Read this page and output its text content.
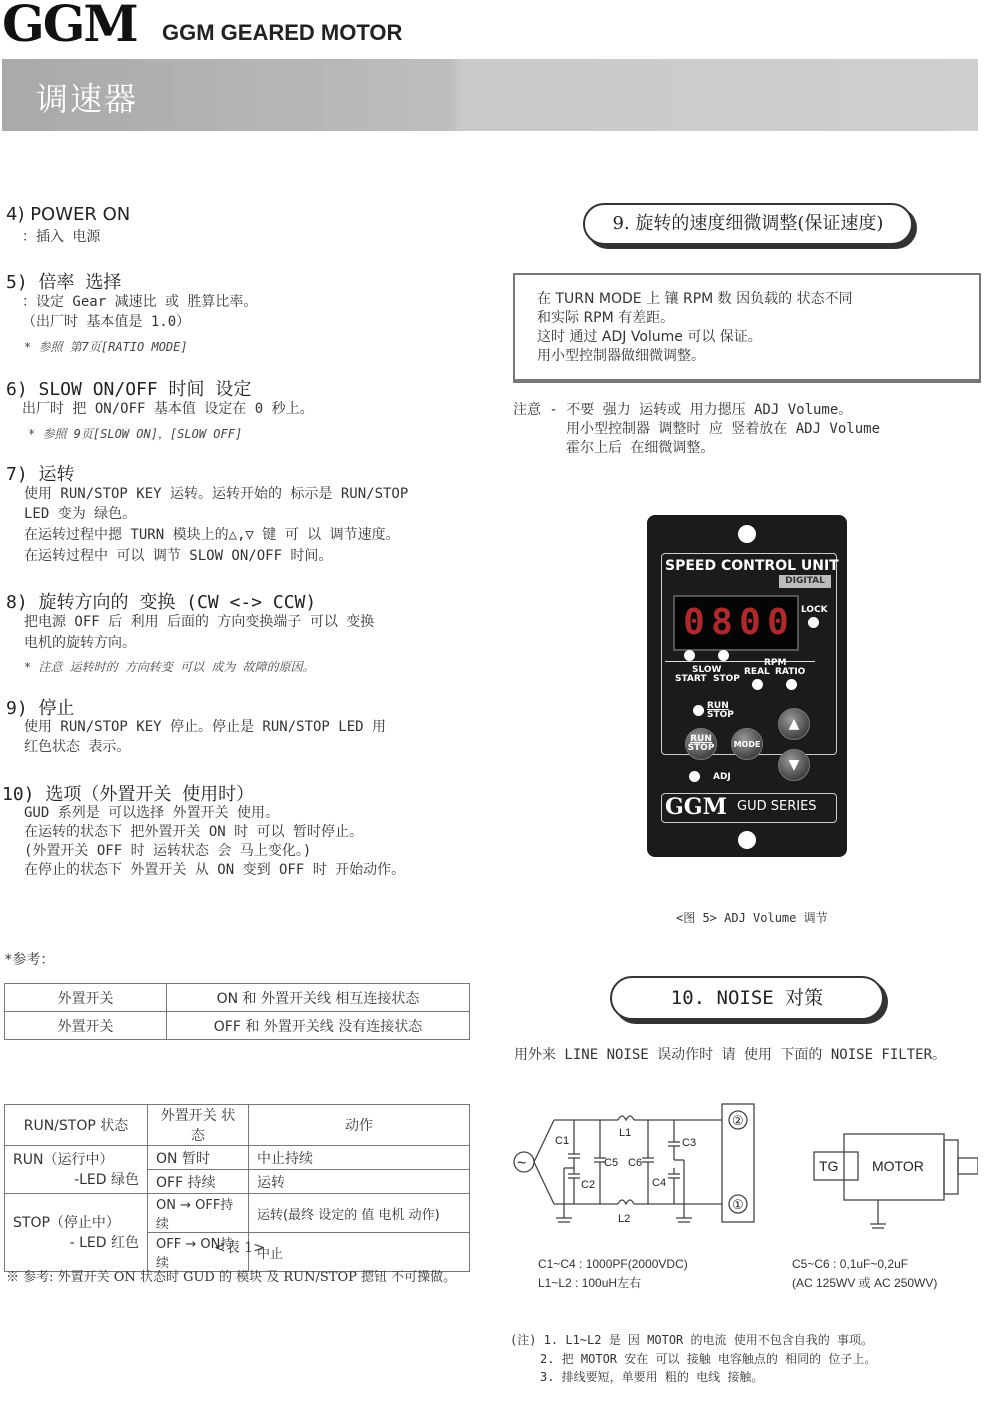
GGM GGM GEARED MOTOR
调速器
4) POWER ON
：插入 电源
5) 倍率 选择
：设定 Gear 减速比 或 胜算比率。
（出厂时 基本值是 1.0）
* 参照 第7页[RATIO MODE]
6) SLOW ON/OFF 时间 设定
出厂时 把 ON/OFF 基本值 设定在 0 秒上。
* 参照 9页[SLOW ON]，[SLOW OFF]
7) 运转
使用 RUN/STOP KEY 运转。运转开始的 标示是 RUN/STOP
LED 变为 绿色。
在运转过程中摁 TURN 模块上的△,▽ 键 可 以 调节速度。
在运转过程中 可以 调节 SLOW ON/OFF 时间。
8) 旋转方向的 变换 (CW <-> CCW)
把电源 OFF 后 利用 后面的 方向变换端子 可以 变换
电机的旋转方向。
* 注意 运转时的 方向转变 可以 成为 故障的原因。
9) 停止
使用 RUN/STOP KEY 停止。停止是 RUN/STOP LED 用
红色状态 表示。
10) 选项（外置开关 使用时）
GUD 系列是 可以选择 外置开关 使用。
在运转的状态下 把外置开关 ON 时 可以 暂时停止。
(外置开关 OFF 时 运转状态 会 马上变化。)
在停止的状态下 外置开关 从 ON 变到 OFF 时 开始动作。
*参考：
外置开关	ON 和 外置开关线 相互连接状态
外置开关	OFF 和 外置开关线 没有连接状态
RUN/STOP 状态	外置开关 状态	动作

RUN（运行中）
-LED 绿色	ON 暂时	中止持续
	OFF 持续	运转

STOP（停止中）
- LED 红色	ON → OFF持续	运转(最终 设定的 值 电机 动作)
	OFF → ON持续	中止
<表 1>
※ 参考: 外置开关 ON 状态时 GUD 的 模块 及 RUN/STOP 摁钮 不可操做。
9. 旋转的速度细微调整(保证速度)
在 TURN MODE 上 镶 RPM 数 因负载的 状态不同
和实际 RPM 有差距。
这时 通过 ADJ Volume 可以 保证。
用小型控制器做细微调整。
注意 - 不要 强力 运转或 用力摁压 ADJ Volume。
用小型控制器 调整时 应 竖着放在 ADJ Volume
霍尔上后 在细微调整。
SPEED CONTROL UNIT
DIGITAL
0 8 0 0 LOCK
SLOW
START STOP
RPM
REAL RATIO
RUN
STOP
RUN
STOP	MODE
▲
▼
ADJ
GGM GUD SERIES
<图 5> ADJ Volume 调节
10. NOISE 对策
用外来 LINE NOISE 误动作时 请 使用 下面的 NOISE FILTER。
C1
C2
C3
C4
C5 C6
L1
L2
②
①
~	TG MOTOR
C1~C4 : 1000PF(2000VDC)
L1~L2 : 100uH左右
C5~C6 : 0,1uF~0,2uF
(AC 125WV 或 AC 250WV)
(注) 1. L1~L2 是 因 MOTOR 的电流 使用不包含自我的 事项。
2. 把 MOTOR 安在 可以 接触 电容触点的 相同的 位子上。
3. 排线要短，单要用 粗的 电线 接触。
